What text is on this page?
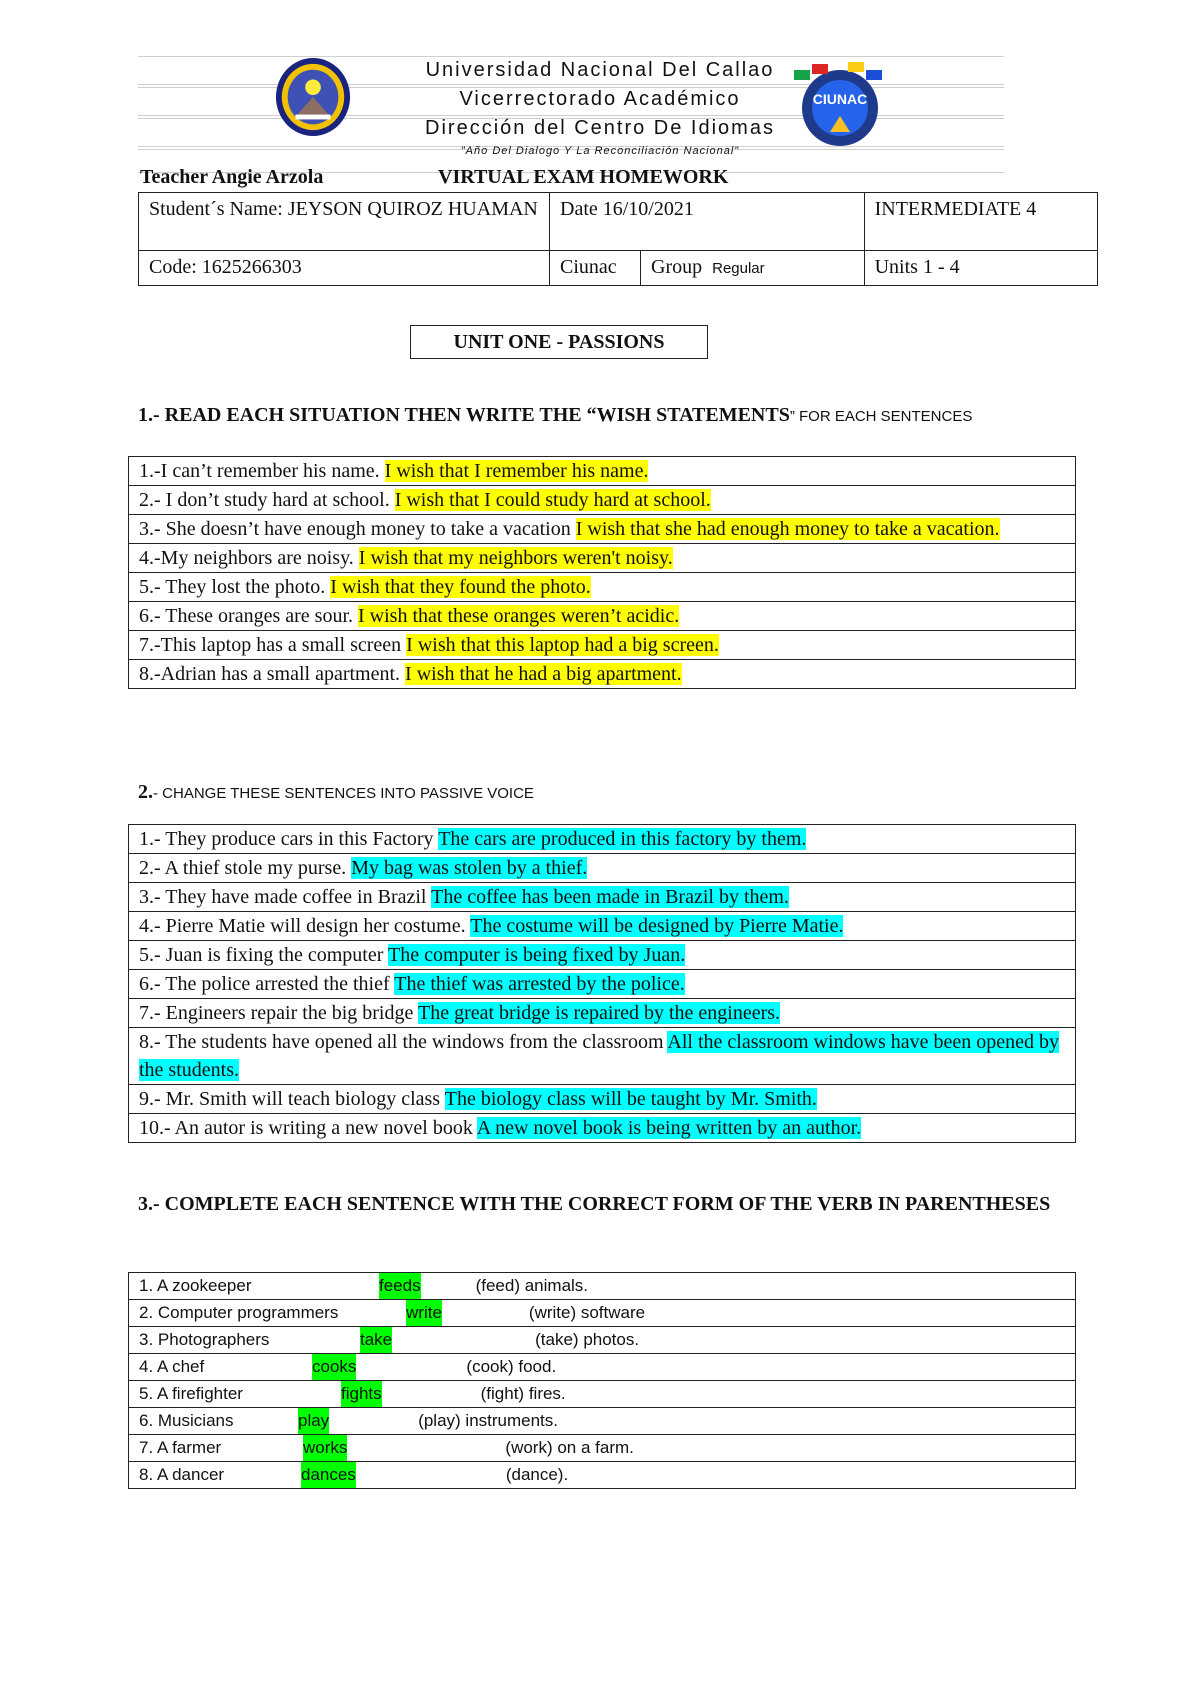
CIUNAC
Universidad Nacional Del Callao
Vicerrectorado Académico
Dirección del Centro De Idiomas
"Año Del Dialogo Y La Reconciliación Nacional"
Teacher Angie Arzola	VIRTUAL EXAM HOMEWORK
Student´s Name: JEYSON QUIROZ HUAMAN	Date 16/10/2021		INTERMEDIATE 4
Code: 1625266303	Ciunac	Group Regular	Units 1 - 4
UNIT ONE - PASSIONS
1.- READ EACH SITUATION THEN WRITE THE “WISH STATEMENTS” FOR EACH SENTENCES
1.-I can’t remember his name. I wish that I remember his name.
2.- I don’t study hard at school. I wish that I could study hard at school.
3.- She doesn’t have enough money to take a vacation I wish that she had enough money to take a vacation.
4.-My neighbors are noisy. I wish that my neighbors weren't noisy.
5.- They lost the photo. I wish that they found the photo.
6.- These oranges are sour. I wish that these oranges weren’t acidic.
7.-This laptop has a small screen I wish that this laptop had a big screen.
8.-Adrian has a small apartment. I wish that he had a big apartment.
2.- CHANGE THESE SENTENCES INTO PASSIVE VOICE
1.- They produce cars in this Factory The cars are produced in this factory by them.
2.- A thief stole my purse. My bag was stolen by a thief.
3.- They have made coffee in Brazil The coffee has been made in Brazil by them.
4.- Pierre Matie will design her costume. The costume will be designed by Pierre Matie.
5.- Juan is fixing the computer The computer is being fixed by Juan.
6.- The police arrested the thief The thief was arrested by the police.
7.- Engineers repair the big bridge The great bridge is repaired by the engineers.
8.- The students have opened all the windows from the classroom All the classroom windows have been opened by the students.
9.- Mr. Smith will teach biology class The biology class will be taught by Mr. Smith.
10.- An autor is writing a new novel book A new novel book is being written by an author.
3.- COMPLETE EACH SENTENCE WITH THE CORRECT FORM OF THE VERB IN PARENTHESES
1. A zookeeper	feeds	(feed) animals.
2. Computer programmers	write	(write) software
3. Photographers	take	(take) photos.
4. A chef	cooks	(cook) food.
5. A firefighter	fights	(fight) fires.
6. Musicians	play	(play) instruments.
7. A farmer	works	(work) on a farm.
8. A dancer	dances	(dance).
